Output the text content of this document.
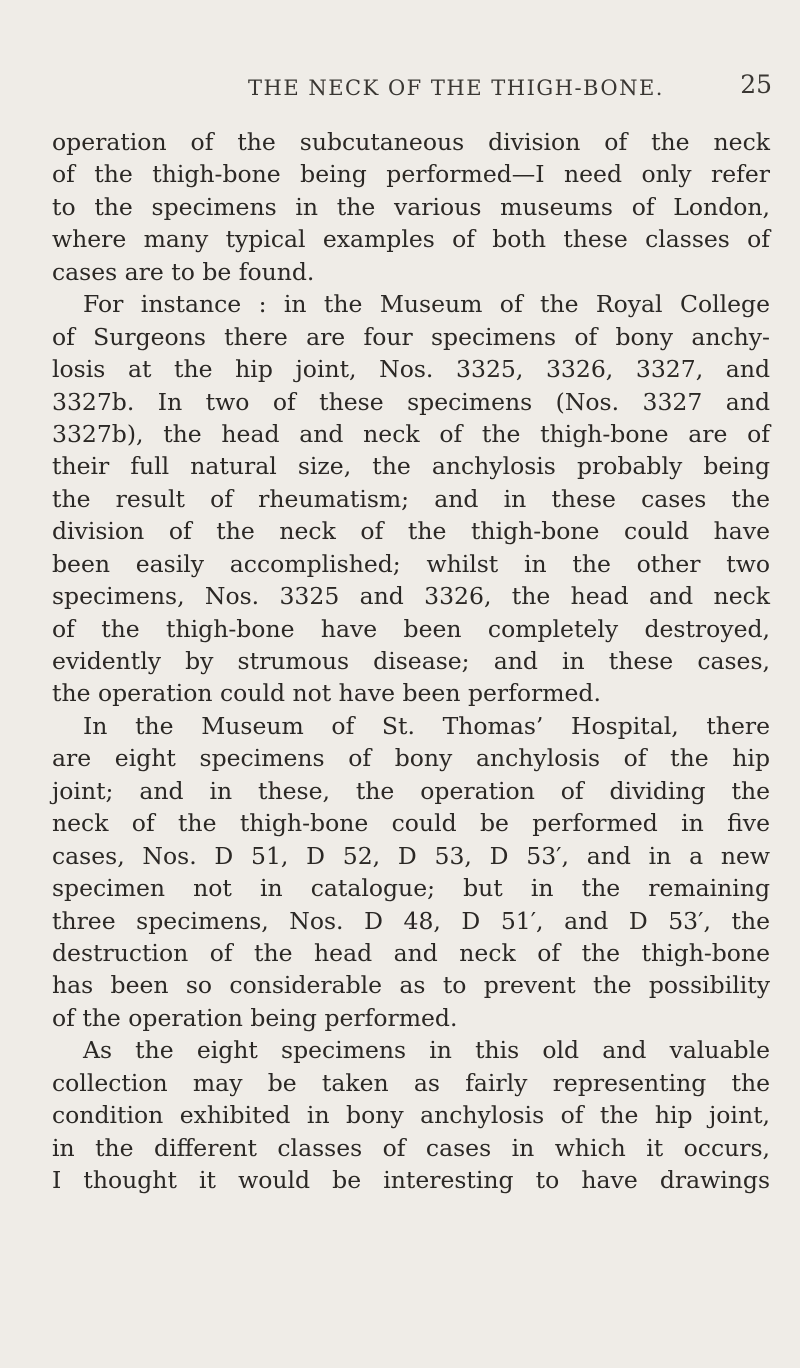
THE NECK OF THE THIGH-BONE.	25
operation of the subcutaneous division of the neck
of the thigh-bone being performed—I need only refer
to the specimens in the various museums of London,
where many typical examples of both these classes of
cases are to be found.
For instance : in the Museum of the Royal College
of Surgeons there are four specimens of bony anchy-
losis at the hip joint, Nos. 3325, 3326, 3327, and
3327b. In two of these specimens (Nos. 3327 and
3327b), the head and neck of the thigh-bone are of
their full natural size, the anchylosis probably being
the result of rheumatism; and in these cases the
division of the neck of the thigh-bone could have
been easily accomplished; whilst in the other two
specimens, Nos. 3325 and 3326, the head and neck
of the thigh-bone have been completely destroyed,
evidently by strumous disease; and in these cases,
the operation could not have been performed.
In the Museum of St. Thomas’ Hospital, there
are eight specimens of bony anchylosis of the hip
joint; and in these, the operation of dividing the
neck of the thigh-bone could be performed in five
cases, Nos. D 51, D 52, D 53, D 53′, and in a new
specimen not in catalogue; but in the remaining
three specimens, Nos. D 48, D 51′, and D 53′, the
destruction of the head and neck of the thigh-bone
has been so considerable as to prevent the possibility
of the operation being performed.
As the eight specimens in this old and valuable
collection may be taken as fairly representing the
condition exhibited in bony anchylosis of the hip joint,
in the different classes of cases in which it occurs,
I thought it would be interesting to have drawings
